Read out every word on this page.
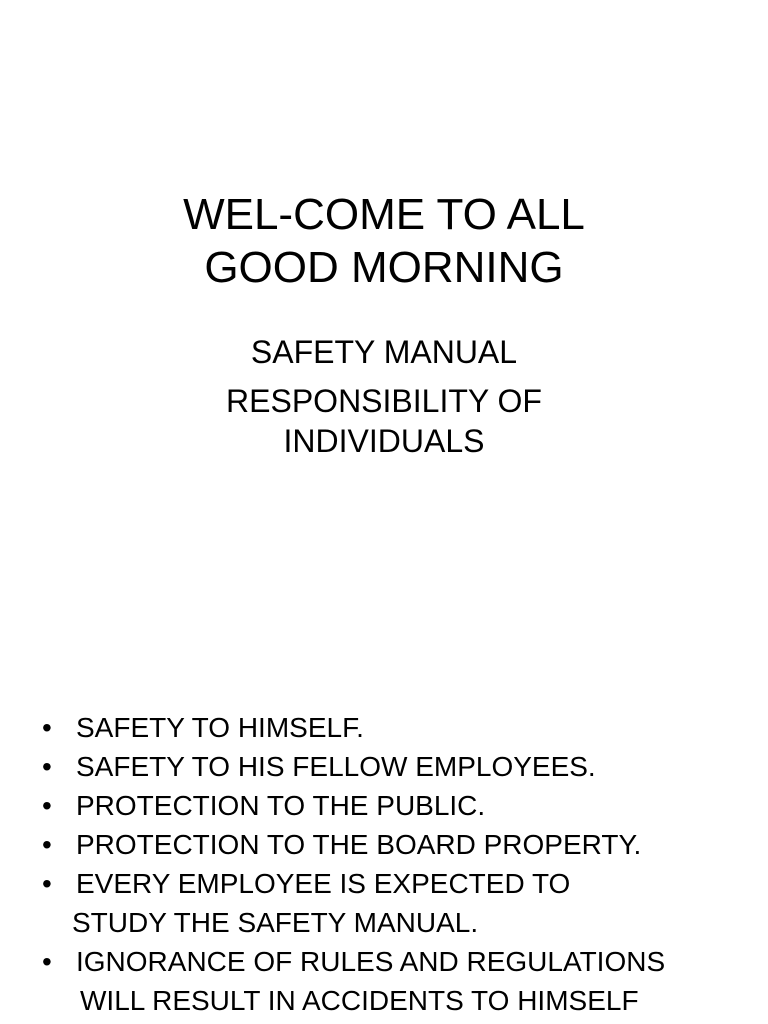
WEL-COME TO ALL
GOOD MORNING
SAFETY MANUAL
RESPONSIBILITY OF
INDIVIDUALS
• SAFETY TO HIMSELF.
• SAFETY TO HIS FELLOW EMPLOYEES.
• PROTECTION TO THE PUBLIC.
• PROTECTION TO THE BOARD PROPERTY.
• EVERY EMPLOYEE IS EXPECTED TO
STUDY THE SAFETY MANUAL.
• IGNORANCE OF RULES AND REGULATIONS
WILL RESULT IN ACCIDENTS TO HIMSELF
